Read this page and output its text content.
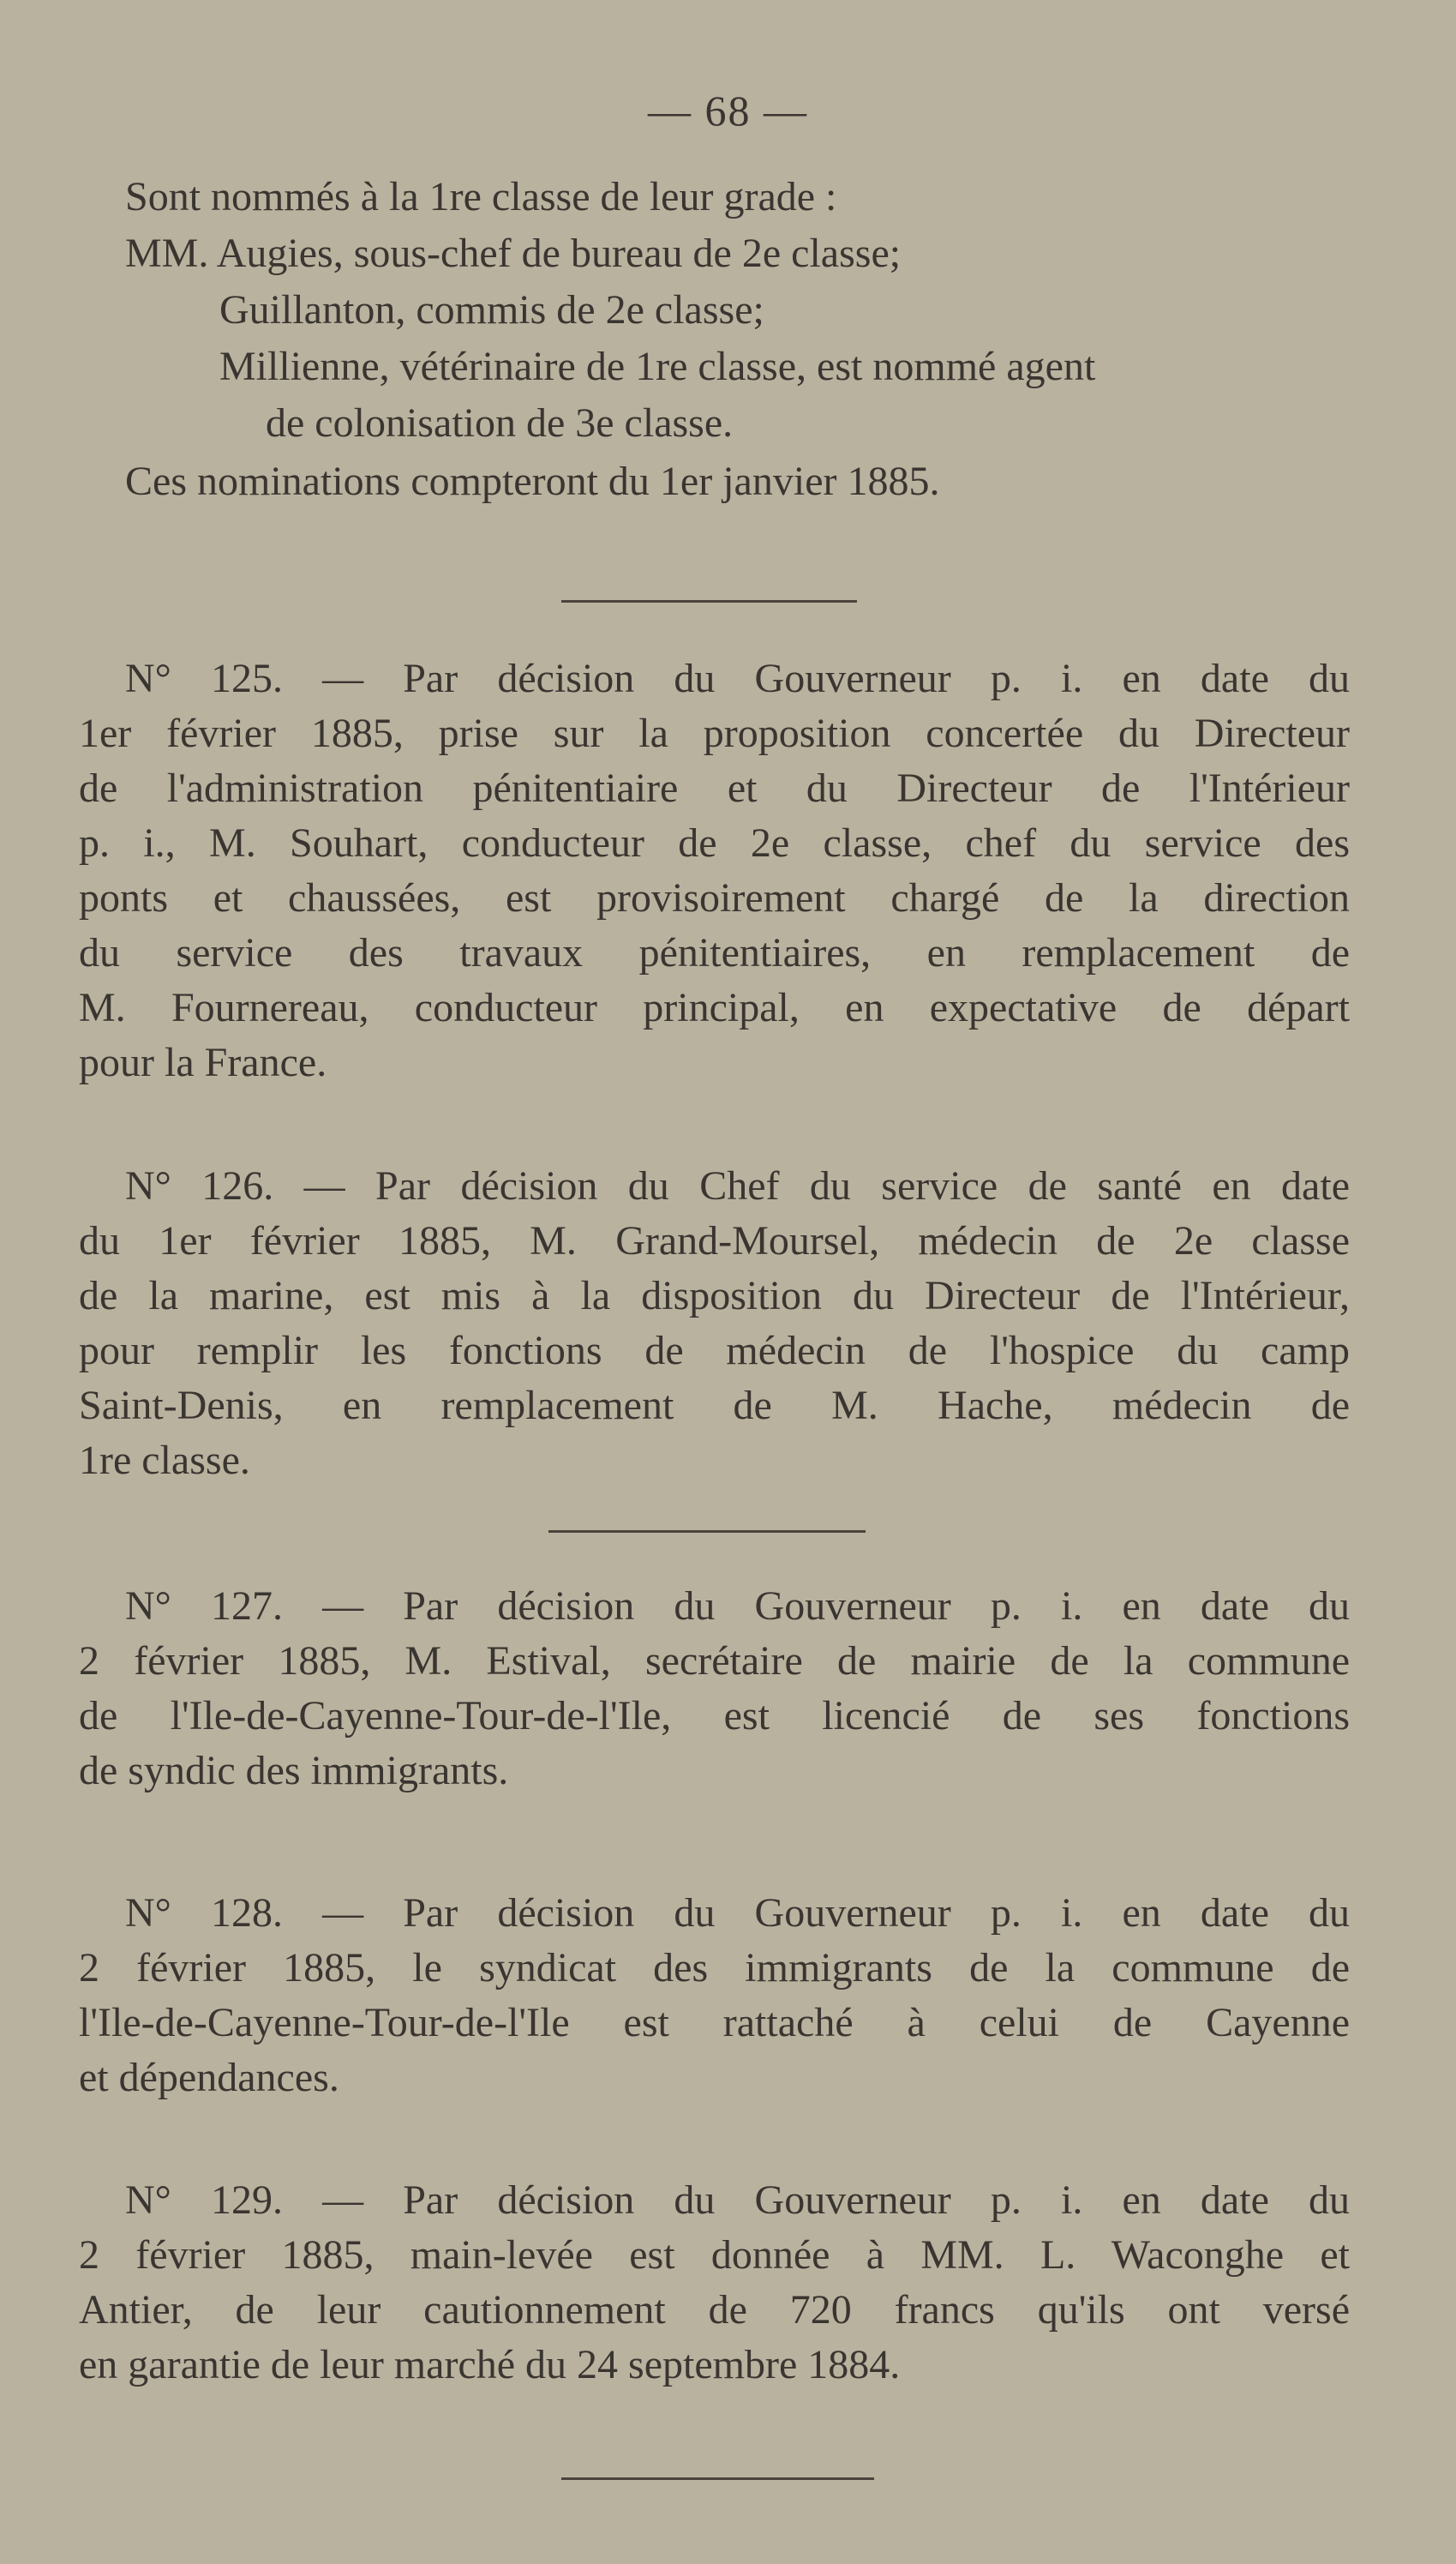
— 68 —
Sont nommés à la 1re classe de leur grade :
MM. Augies, sous-chef de bureau de 2e classe;
Guillanton, commis de 2e classe;
Millienne, vétérinaire de 1re classe, est nommé agent
de colonisation de 3e classe.
Ces nominations compteront du 1er janvier 1885.
N° 125. — Par décision du Gouverneur p. i. en date du
1er février 1885, prise sur la proposition concertée du Directeur
de l'administration pénitentiaire et du Directeur de l'Intérieur
p. i., M. Souhart, conducteur de 2e classe, chef du service des
ponts et chaussées, est provisoirement chargé de la direction
du service des travaux pénitentiaires, en remplacement de
M. Fournereau, conducteur principal, en expectative de départ
pour la France.
N° 126. — Par décision du Chef du service de santé en date
du 1er février 1885, M. Grand-Moursel, médecin de 2e classe
de la marine, est mis à la disposition du Directeur de l'Intérieur,
pour remplir les fonctions de médecin de l'hospice du camp
Saint-Denis, en remplacement de M. Hache, médecin de
1re classe.
N° 127. — Par décision du Gouverneur p. i. en date du
2 février 1885, M. Estival, secrétaire de mairie de la commune
de l'Ile-de-Cayenne-Tour-de-l'Ile, est licencié de ses fonctions
de syndic des immigrants.
N° 128. — Par décision du Gouverneur p. i. en date du
2 février 1885, le syndicat des immigrants de la commune de
l'Ile-de-Cayenne-Tour-de-l'Ile est rattaché à celui de Cayenne
et dépendances.
N° 129. — Par décision du Gouverneur p. i. en date du
2 février 1885, main-levée est donnée à MM. L. Waconghe et
Antier, de leur cautionnement de 720 francs qu'ils ont versé
en garantie de leur marché du 24 septembre 1884.
